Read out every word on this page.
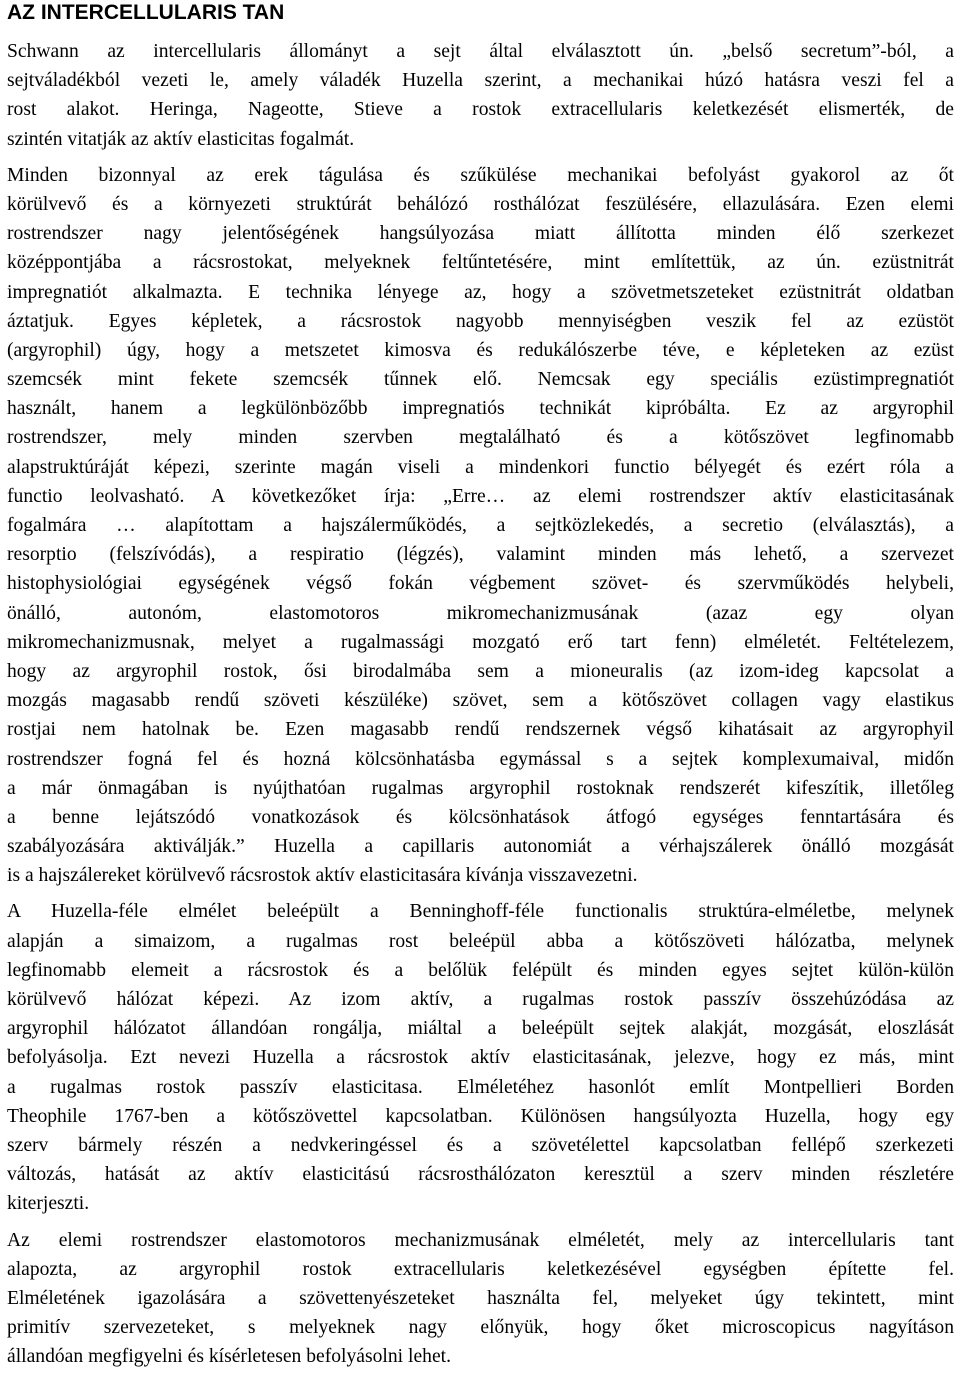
AZ INTERCELLULARIS TAN
Schwann az intercellularis állományt a sejt által elválasztott ún. „belső secretum”-ból, a
sejtváladékból vezeti le, amely váladék Huzella szerint, a mechanikai húzó hatásra veszi fel a
rost alakot. Heringa, Nageotte, Stieve a rostok extracellularis keletkezését elismerték, de
szintén vitatják az aktív elasticitas fogalmát.
Minden bizonnyal az erek tágulása és szűkülése mechanikai befolyást gyakorol az őt
körülvevő és a környezeti struktúrát behálózó rosthálózat feszülésére, ellazulására. Ezen elemi
rostrendszer nagy jelentőségének hangsúlyozása miatt állította minden élő szerkezet
középpontjába a rácsrostokat, melyeknek feltűntetésére, mint említettük, az ún. ezüstnitrát
impregnatiót alkalmazta. E technika lényege az, hogy a szövetmetszeteket ezüstnitrát oldatban
áztatjuk. Egyes képletek, a rácsrostok nagyobb mennyiségben veszik fel az ezüstöt
(argyrophil) úgy, hogy a metszetet kimosva és redukálószerbe téve, e képleteken az ezüst
szemcsék mint fekete szemcsék tűnnek elő. Nemcsak egy speciális ezüstimpregnatiót
használt, hanem a legkülönbözőbb impregnatiós technikát kipróbálta. Ez az argyrophil
rostrendszer, mely minden szervben megtalálható és a kötőszövet legfinomabb
alapstruktúráját képezi, szerinte magán viseli a mindenkori functio bélyegét és ezért róla a
functio leolvasható. A következőket írja: „Erre… az elemi rostrendszer aktív elasticitasának
fogalmára … alapítottam a hajszálerműködés, a sejtközlekedés, a secretio (elválasztás), a
resorptio (felszívódás), a respiratio (légzés), valamint minden más lehető, a szervezet
histophysiológiai egységének végső fokán végbement szövet- és szervműködés helybeli,
önálló, autonóm, elastomotoros mikromechanizmusának (azaz egy olyan
mikromechanizmusnak, melyet a rugalmassági mozgató erő tart fenn) elméletét. Feltételezem,
hogy az argyrophil rostok, ősi birodalmába sem a mioneuralis (az izom-ideg kapcsolat a
mozgás magasabb rendű szöveti készüléke) szövet, sem a kötőszövet collagen vagy elastikus
rostjai nem hatolnak be. Ezen magasabb rendű rendszernek végső kihatásait az argyrophyil
rostrendszer fogná fel és hozná kölcsönhatásba egymással s a sejtek komplexumaival, midőn
a már önmagában is nyújthatóan rugalmas argyrophil rostoknak rendszerét kifeszítik, illetőleg
a benne lejátszódó vonatkozások és kölcsönhatások átfogó egységes fenntartására és
szabályozására aktiválják.” Huzella a capillaris autonomiát a vérhajszálerek önálló mozgását
is a hajszálereket körülvevő rácsrostok aktív elasticitasára kívánja visszavezetni.
A Huzella-féle elmélet beleépült a Benninghoff-féle functionalis struktúra-elméletbe, melynek
alapján a simaizom, a rugalmas rost beleépül abba a kötőszöveti hálózatba, melynek
legfinomabb elemeit a rácsrostok és a belőlük felépült és minden egyes sejtet külön-külön
körülvevő hálózat képezi. Az izom aktív, a rugalmas rostok passzív összehúzódása az
argyrophil hálózatot állandóan rongálja, miáltal a beleépült sejtek alakját, mozgását, eloszlását
befolyásolja. Ezt nevezi Huzella a rácsrostok aktív elasticitasának, jelezve, hogy ez más, mint
a rugalmas rostok passzív elasticitasa. Elméletéhez hasonlót említ Montpellieri Borden
Theophile 1767-ben a kötőszövettel kapcsolatban. Különösen hangsúlyozta Huzella, hogy egy
szerv bármely részén a nedvkeringéssel és a szövetélettel kapcsolatban fellépő szerkezeti
változás, hatását az aktív elasticitású rácsrosthálózaton keresztül a szerv minden részletére
kiterjeszti.
Az elemi rostrendszer elastomotoros mechanizmusának elméletét, mely az intercellularis tant
alapozta, az argyrophil rostok extracellularis keletkezésével egységben építette fel.
Elméletének igazolására a szövettenyészeteket használta fel, melyeket úgy tekintett, mint
primitív szervezeteket, s melyeknek nagy előnyük, hogy őket microscopicus nagyításon
állandóan megfigyelni és kísérletesen befolyásolni lehet.
